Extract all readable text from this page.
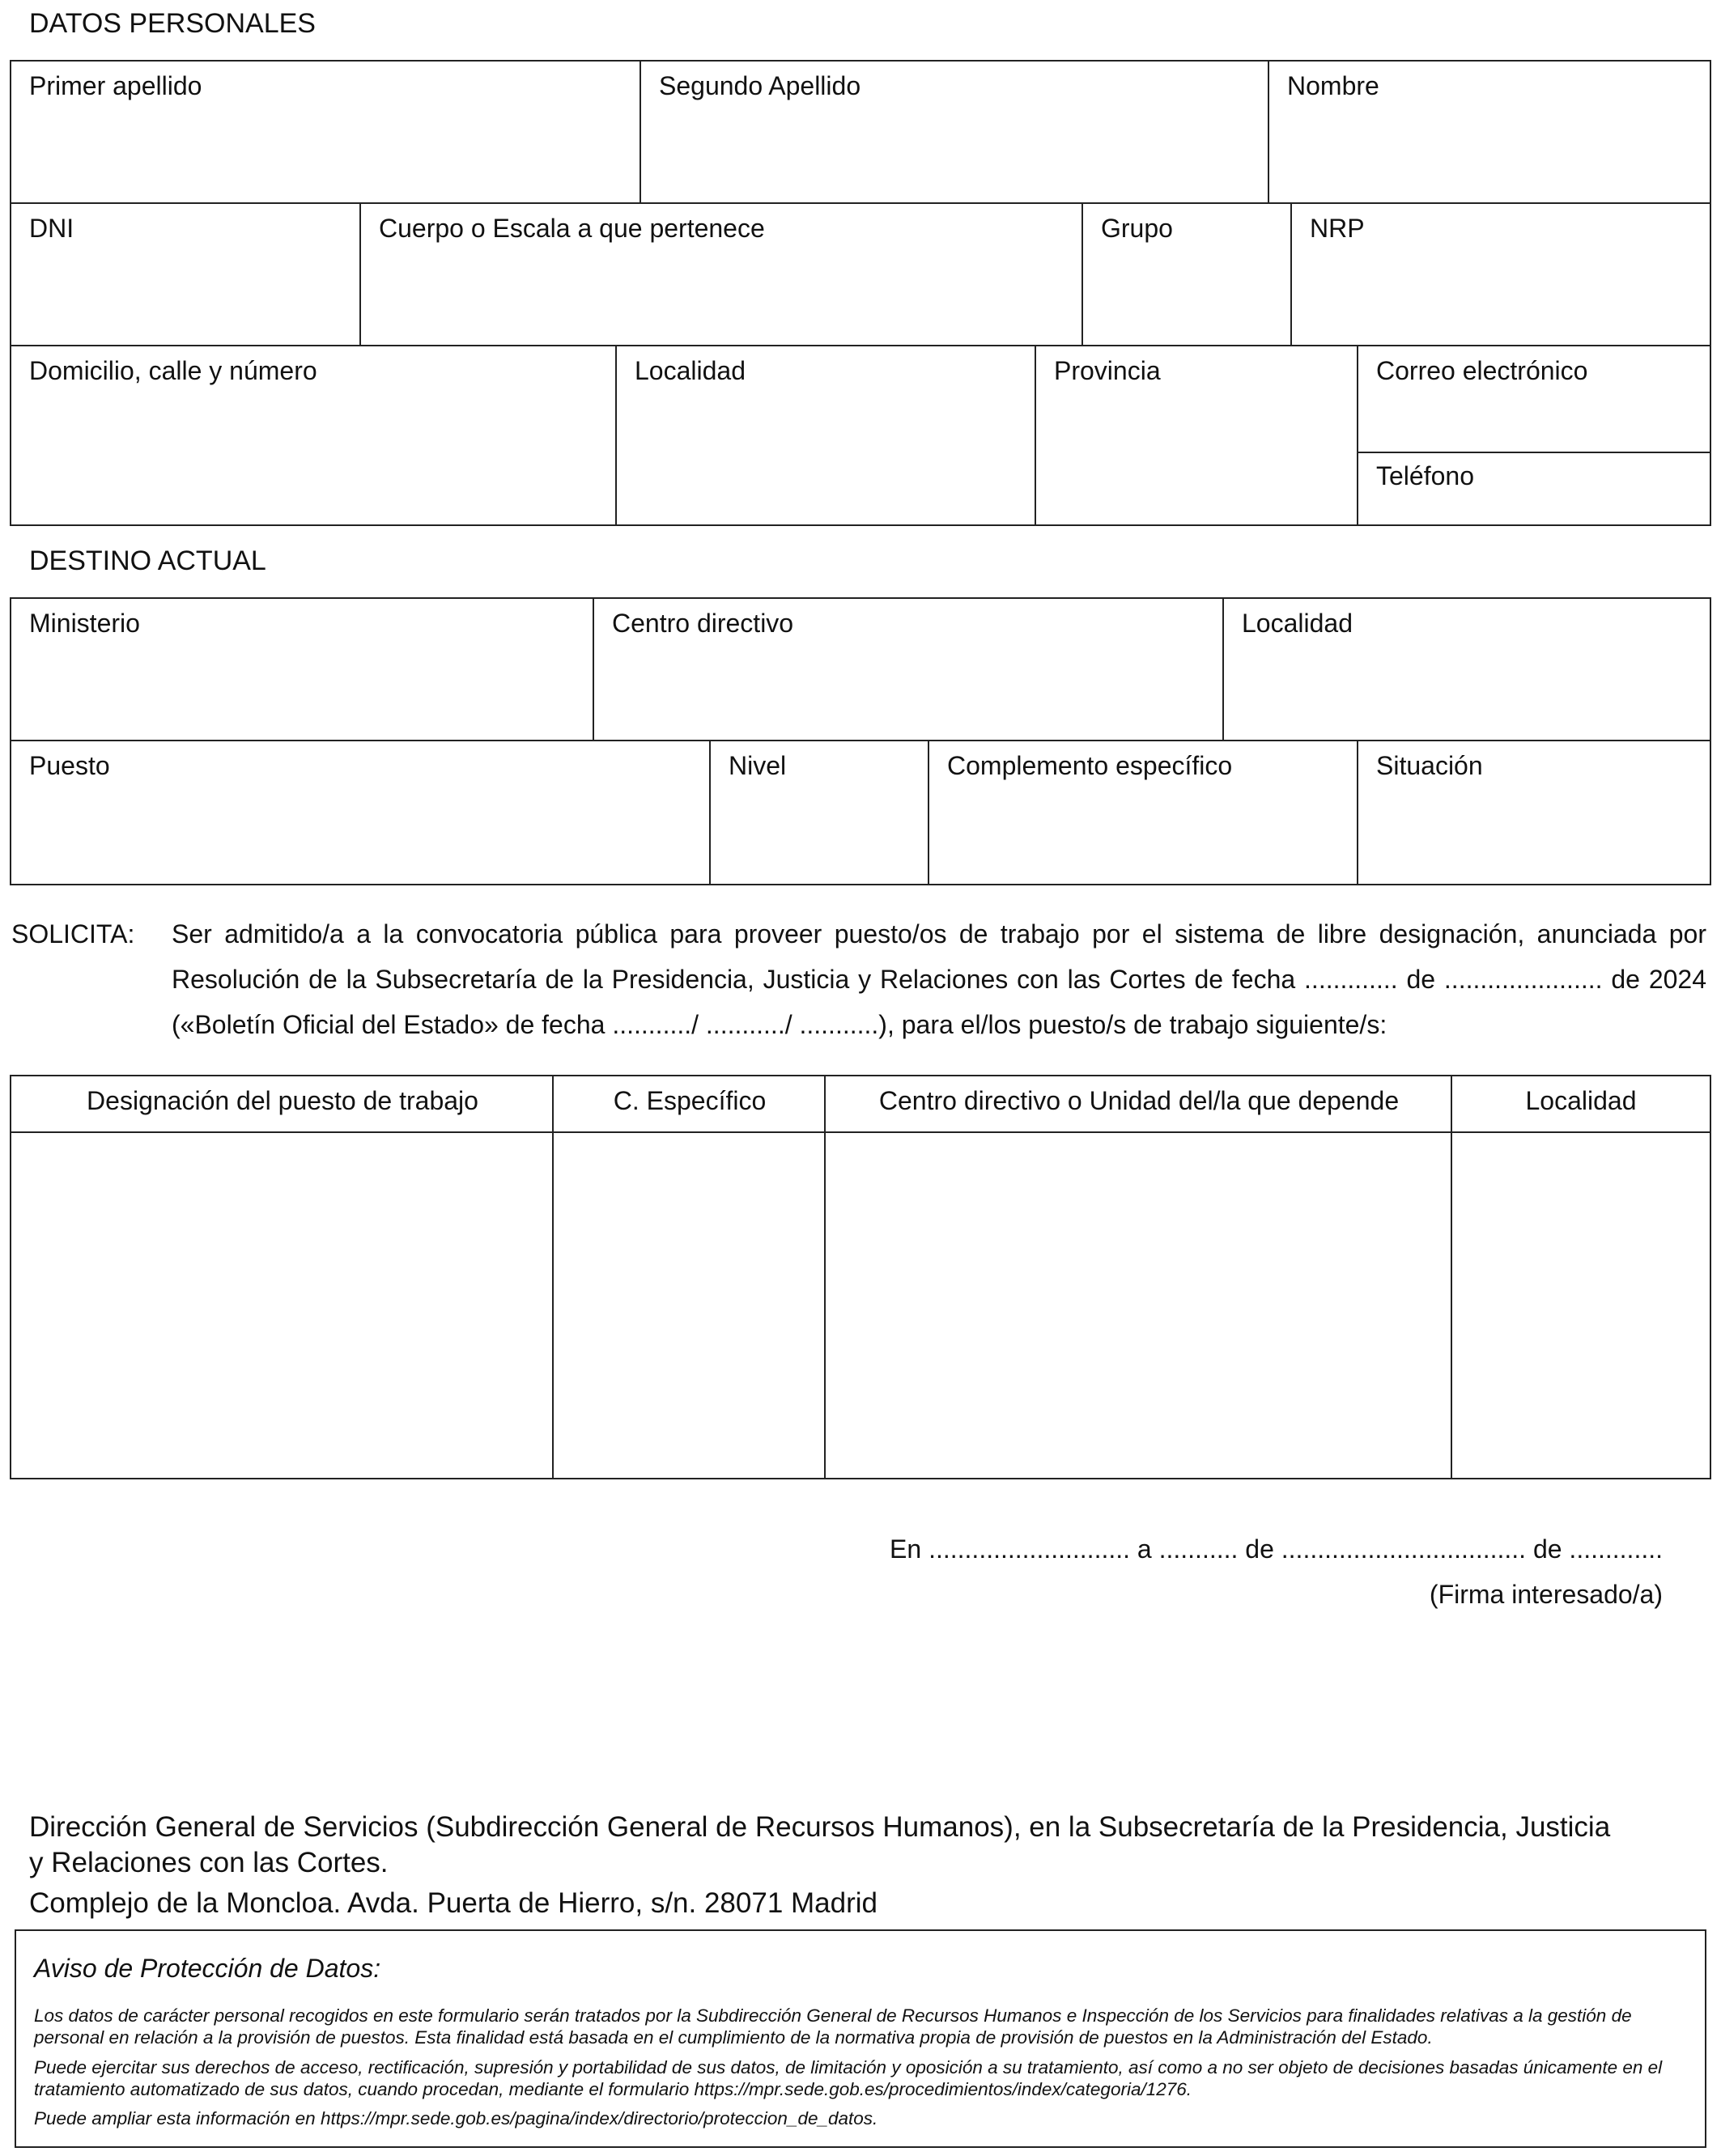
DATOS PERSONALES
Primer apellido	Segundo Apellido	Nombre
DNI	Cuerpo o Escala a que pertenece	Grupo	NRP
Domicilio, calle y número	Localidad	Provincia	Correo electrónico
Teléfono
DESTINO ACTUAL
Ministerio	Centro directivo	Localidad
Puesto	Nivel	Complemento específico	Situación
SOLICITA: Ser admitido/a a la convocatoria pública para proveer puesto/os de trabajo por el sistema de libre designación, anunciada por
Resolución de la Subsecretaría de la Presidencia, Justicia y Relaciones con las Cortes de fecha ............. de ...................... de 2024
(«Boletín Oficial del Estado» de fecha .........../ .........../ ...........), para el/los puesto/s de trabajo siguiente/s:
Designación del puesto de trabajo	C. Específico	Centro directivo o Unidad del/la que depende	Localidad
En ............................ a ........... de .................................. de .............
(Firma interesado/a)
Dirección General de Servicios (Subdirección General de Recursos Humanos), en la Subsecretaría de la Presidencia, Justicia
y Relaciones con las Cortes.
Complejo de la Moncloa. Avda. Puerta de Hierro, s/n. 28071 Madrid
Aviso de Protección de Datos:
Los datos de carácter personal recogidos en este formulario serán tratados por la Subdirección General de Recursos Humanos e Inspección de los Servicios para finalidades relativas a la gestión de personal en relación a la provisión de puestos. Esta finalidad está basada en el cumplimiento de la normativa propia de provisión de puestos en la Administración del Estado.
Puede ejercitar sus derechos de acceso, rectificación, supresión y portabilidad de sus datos, de limitación y oposición a su tratamiento, así como a no ser objeto de decisiones basadas únicamente en el tratamiento automatizado de sus datos, cuando procedan, mediante el formulario https://mpr.sede.gob.es/procedimientos/index/categoria/1276.
Puede ampliar esta información en https://mpr.sede.gob.es/pagina/index/directorio/proteccion_de_datos.
